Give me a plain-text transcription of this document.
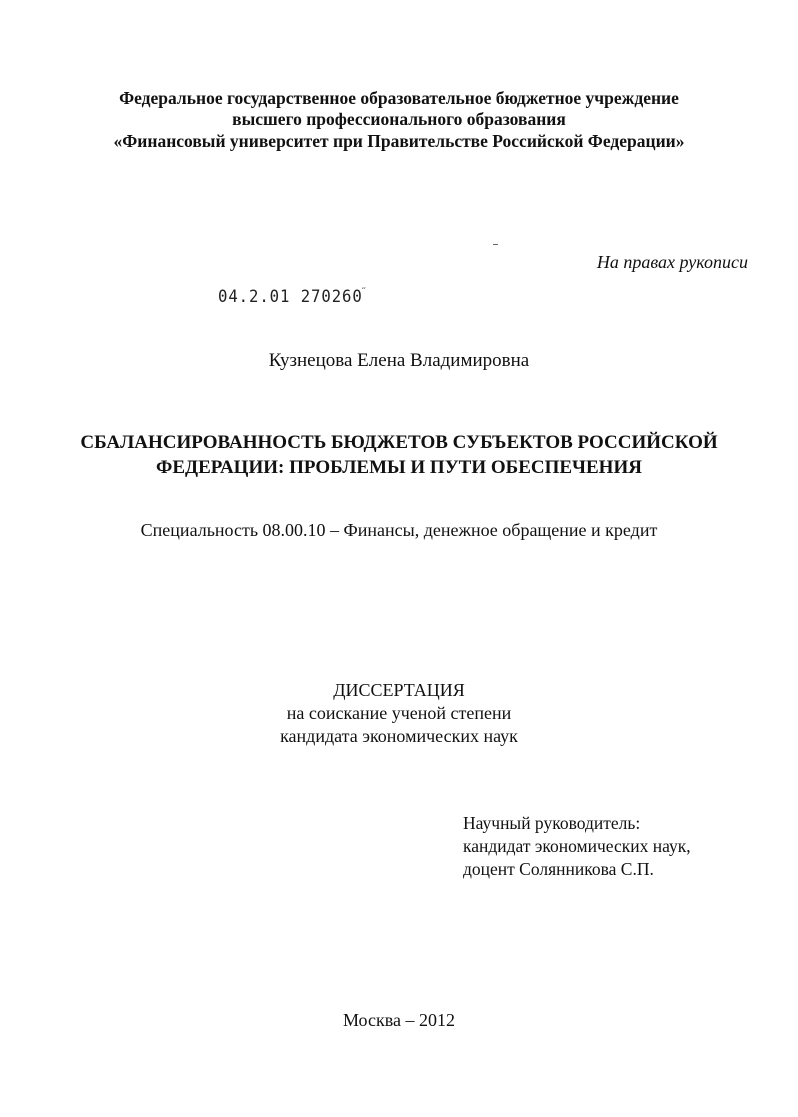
Федеральное государственное образовательное бюджетное учреждение
высшего профессионального образования
«Финансовый университет при Правительстве Российской Федерации»
На правах рукописи
04.2.01 270260 ˝
Кузнецова Елена Владимировна
СБАЛАНСИРОВАННОСТЬ БЮДЖЕТОВ СУБЪЕКТОВ РОССИЙСКОЙ
ФЕДЕРАЦИИ: ПРОБЛЕМЫ И ПУТИ ОБЕСПЕЧЕНИЯ
Специальность 08.00.10 – Финансы, денежное обращение и кредит
ДИССЕРТАЦИЯ
на соискание ученой степени
кандидата экономических наук
Научный руководитель:
кандидат экономических наук,
доцент Солянникова С.П.
Москва – 2012
